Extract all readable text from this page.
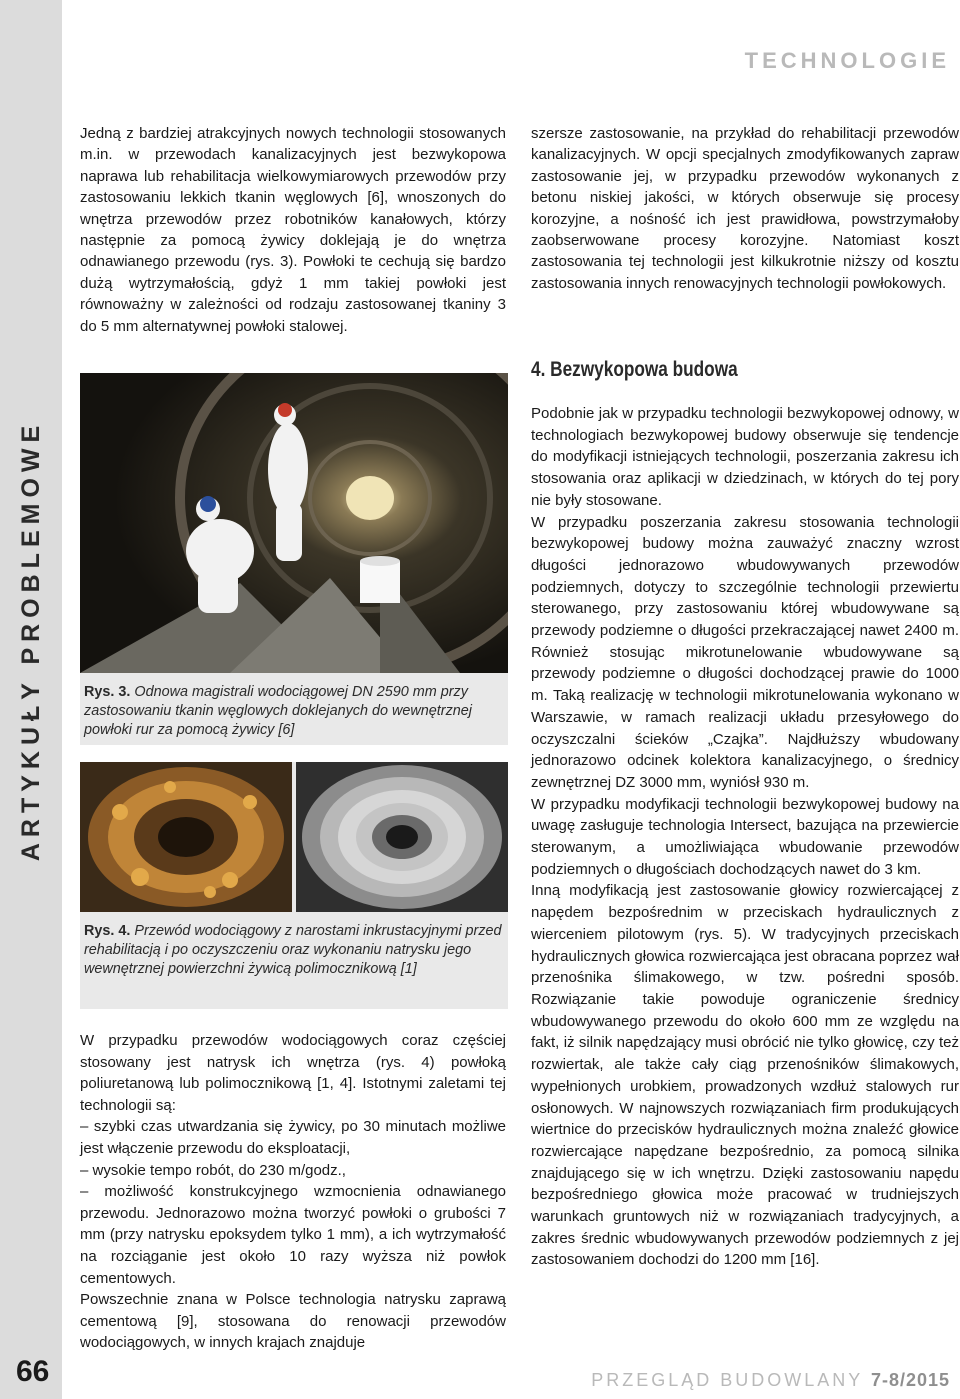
ARTYKUŁY PROBLEMOWE
66
TECHNOLOGIE

Jedną z bardziej atrakcyjnych nowych technologii stosowanych m.in. w przewodach kanalizacyjnych jest bezwykopowa naprawa lub rehabilitacja wielkowymiarowych przewodów przy zastosowaniu lekkich tkanin węglowych [6], wnoszonych do wnętrza przewodów przez robotników kanałowych, którzy następnie za pomocą żywicy doklejają je do wnętrza odnawianego przewodu (rys. 3). Powłoki te cechują się bardzo dużą wytrzymałością, gdyż 1 mm takiej powłoki jest równoważny w zależności od rodzaju zastosowanej tkaniny 3 do 5 mm alternatywnej powłoki stalowej.

Rys. 3. Odnowa magistrali wodociągowej DN 2590 mm przy zastosowaniu tkanin węglowych doklejanych do wewnętrznej powłoki rur za pomocą żywicy [6]

Rys. 4. Przewód wodociągowy z narostami inkrustacyjnymi przed rehabilitacją i po oczyszczeniu oraz wykonaniu natrysku jego wewnętrznej powierzchni żywicą polimocznikową [1]

W przypadku przewodów wodociągowych coraz częściej stosowany jest natrysk ich wnętrza (rys. 4) powłoką poliuretanową lub polimocznikową [1, 4]. Istotnymi zaletami tej technologii są:

– szybki czas utwardzania się żywicy, po 30 minutach możliwe jest włączenie przewodu do eksploatacji,

– wysokie tempo robót, do 230 m/godz.,

– możliwość konstrukcyjnego wzmocnienia odnawianego przewodu. Jednorazowo można tworzyć powłoki o grubości 7 mm (przy natrysku epoksydem tylko 1 mm), a ich wytrzymałość na rozciąganie jest około 10 razy wyższa niż powłok cementowych.

Powszechnie znana w Polsce technologia natrysku zaprawą cementową [9], stosowana do renowacji przewodów wodociągowych, w innych krajach znajduje

szersze zastosowanie, na przykład do rehabilitacji przewodów kanalizacyjnych. W opcji specjalnych zmodyfikowanych zapraw zastosowanie jej, w przypadku przewodów wykonanych z betonu niskiej jakości, w których obserwuje się procesy korozyjne, a nośność ich jest prawidłowa, powstrzymałoby zaobserwowane procesy korozyjne. Natomiast koszt zastosowania tej technologii jest kilkukrotnie niższy od kosztu zastosowania innych renowacyjnych technologii powłokowych.

4. Bezwykopowa budowa

Podobnie jak w przypadku technologii bezwykopowej odnowy, w technologiach bezwykopowej budowy obserwuje się tendencje do modyfikacji istniejących technologii, poszerzania zakresu ich stosowania oraz aplikacji w dziedzinach, w których do tej pory nie były stosowane.

W przypadku poszerzania zakresu stosowania technologii bezwykopowej budowy można zauważyć znaczny wzrost długości jednorazowo wbudowywanych przewodów podziemnych, dotyczy to szczególnie technologii przewiertu sterowanego, przy zastosowaniu której wbudowywane są przewody podziemne o długości przekraczającej nawet 2400 m. Również stosując mikrotunelowanie wbudowywane są przewody podziemne o długości dochodzącej prawie do 1000 m. Taką realizację w technologii mikrotunelowania wykonano w Warszawie, w ramach realizacji układu przesyłowego do oczyszczalni ścieków „Czajka”. Najdłuższy wbudowany jednorazowo odcinek kolektora kanalizacyjnego, o średnicy zewnętrznej DZ 3000 mm, wyniósł 930 m.

W przypadku modyfikacji technologii bezwykopowej budowy na uwagę zasługuje technologia Intersect, bazująca na przewiercie sterowanym, a umożliwiająca wbudowanie przewodów podziemnych o długościach dochodzących nawet do 3 km.

Inną modyfikacją jest zastosowanie głowicy rozwiercającej z napędem bezpośrednim w przeciskach hydraulicznych z wierceniem pilotowym (rys. 5). W tradycyjnych przeciskach hydraulicznych głowica rozwiercająca jest obracana poprzez wał przenośnika ślimakowego, w tzw. pośredni sposób. Rozwiązanie takie powoduje ograniczenie średnicy wbudowywanego przewodu do około 600 mm ze względu na fakt, iż silnik napędzający musi obrócić nie tylko głowicę, czy też rozwiertak, ale także cały ciąg przenośników ślimakowych, wypełnionych urobkiem, prowadzonych wzdłuż stalowych rur osłonowych. W najnowszych rozwiązaniach firm produkujących wiertnice do przecisków hydraulicznych można znaleźć głowice rozwiercające napędzane bezpośrednio, za pomocą silnika znajdującego się w ich wnętrzu. Dzięki zastosowaniu napędu bezpośredniego głowica może pracować w trudniejszych warunkach gruntowych niż w rozwiązaniach tradycyjnych, a zakres średnic wbudowywanych przewodów podziemnych z jej zastosowaniem dochodzi do 1200 mm [16].

PRZEGLĄD BUDOWLANY 7-8/2015
